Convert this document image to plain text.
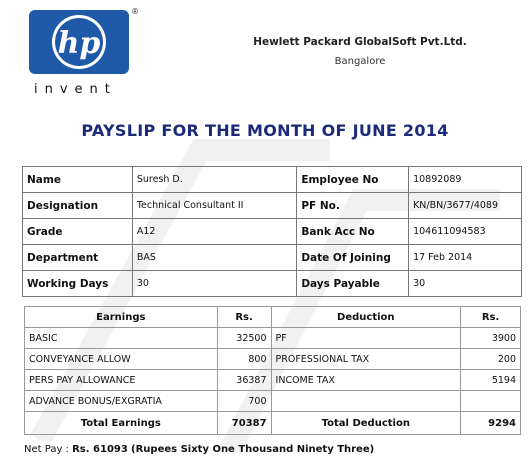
hp
®
invent
Hewlett Packard GlobalSoft Pvt.Ltd.
Bangalore
PAYSLIP FOR THE MONTH OF JUNE 2014
Name	Suresh D.	Employee No	10892089
Designation	Technical Consultant II	PF No.	KN/BN/3677/4089
Grade	A12	Bank Acc No	104611094583
Department	BAS	Date Of Joining	17 Feb 2014
Working Days	30	Days Payable	30
Earnings	Rs.	Deduction	Rs.
BASIC	32500	PF	3900
CONVEYANCE ALLOW	800	PROFESSIONAL TAX	200
PERS PAY ALLOWANCE	36387	INCOME TAX	5194
ADVANCE BONUS/EXGRATIA	700		
Total Earnings	70387	Total Deduction	9294
Net Pay : Rs. 61093 (Rupees Sixty One Thousand Ninety Three)
